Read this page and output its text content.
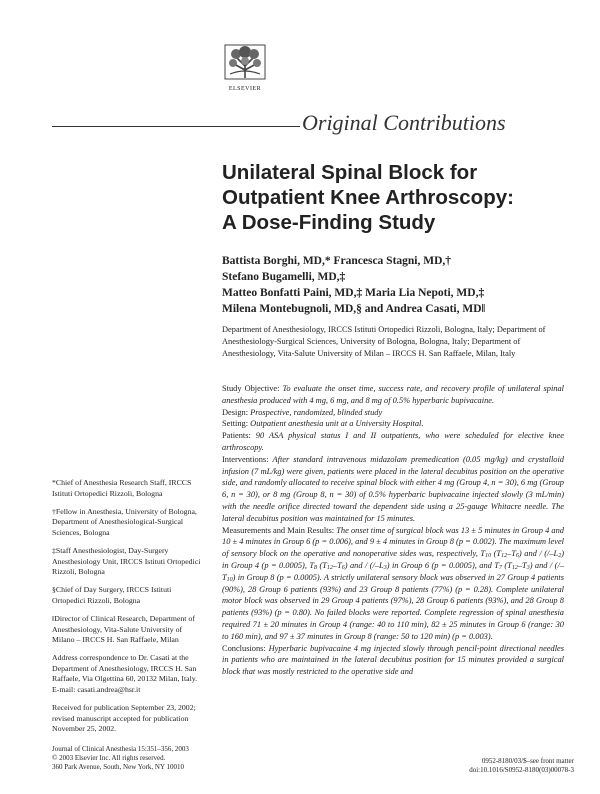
ELSEVIER
Original Contributions
Unilateral Spinal Block for
Outpatient Knee Arthroscopy:
A Dose-Finding Study
Battista Borghi, MD,* Francesca Stagni, MD,†
Stefano Bugamelli, MD,‡
Matteo Bonfatti Paini, MD,‡ Maria Lia Nepoti, MD,‡
Milena Montebugnoli, MD,§ and Andrea Casati, MD‖
Department of Anesthesiology, IRCCS Istituti Ortopedici Rizzoli, Bologna, Italy; Department of Anesthesiology-Surgical Sciences, University of Bologna, Bologna, Italy; Department of Anesthesiology, Vita-Salute University of Milan – IRCCS H. San Raffaele, Milan, Italy

Study Objective: To evaluate the onset time, success rate, and recovery profile of unilateral spinal anesthesia produced with 4 mg, 6 mg, and 8 mg of 0.5% hyperbaric bupivacaine.

Design: Prospective, randomized, blinded study

Setting: Outpatient anesthesia unit at a University Hospital.

Patients: 90 ASA physical status I and II outpatients, who were scheduled for elective knee arthroscopy.

Interventions: After standard intravenous midazolam premedication (0.05 mg/kg) and crystalloid infusion (7 mL/kg) were given, patients were placed in the lateral decubitus position on the operative side, and randomly allocated to receive spinal block with either 4 mg (Group 4, n = 30), 6 mg (Group 6, n = 30), or 8 mg (Group 8, n = 30) of 0.5% hyperbaric bupivacaine injected slowly (3 mL/min) with the needle orifice directed toward the dependent side using a 25-gauge Whitacre needle. The lateral decubitus position was maintained for 15 minutes.

Measurements and Main Results: The onset time of surgical block was 13 ± 5 minutes in Group 4 and 10 ± 4 minutes in Group 6 (p = 0.006), and 9 ± 4 minutes in Group 8 (p = 0.002). The maximum level of sensory block on the operative and nonoperative sides was, respectively, $T_{10}$ $(T_{12}-T_6)$ and / $(/-L_2)$ in Group 4 (p = 0.0005), $T_8$ $(T_{12}-T_6)$ and / $(/-L_3)$ in Group 6 (p = 0.0005), and $T_7$ $(T_{12}-T_3)$ and / $(/-T_{10})$ in Group 8 (p = 0.0005). A strictly unilateral sensory block was observed in 27 Group 4 patients (90%), 28 Group 6 patients (93%) and 23 Group 8 patients (77%) (p = 0.28). Complete unilateral motor block was observed in 29 Group 4 patients (97%), 28 Group 6 patients (93%), and 28 Group 8 patients (93%) (p = 0.80). No failed blocks were reported. Complete regression of spinal anesthesia required 71 ± 20 minutes in Group 4 (range: 40 to 110 min), 82 ± 25 minutes in Group 6 (range: 30 to 160 min), and 97 ± 37 minutes in Group 8 (range: 50 to 120 min) (p = 0.003).

Conclusions: Hyperbaric bupivacaine 4 mg injected slowly through pencil-point directional needles in patients who are maintained in the lateral decubitus position for 15 minutes provided a surgical block that was mostly restricted to the operative side and

*Chief of Anesthesia Research Staff, IRCCS Istituti Ortopedici Rizzoli, Bologna

†Fellow in Anesthesia, University of Bologna, Department of Anesthesiological-Surgical Sciences, Bologna

‡Staff Anesthesiologist, Day-Surgery Anesthesiology Unit, IRCCS Istituti Ortopedici Rizzoli, Bologna

§Chief of Day Surgery, IRCCS Istituti Ortopedici Rizzoli, Bologna

‖Director of Clinical Research, Department of Anesthesiology, Vita-Salute University of Milano – IRCCS H. San Raffaele, Milan

Address correspondence to Dr. Casati at the Department of Anesthesiology, IRCCS H. San Raffaele, Via Olgettina 60, 20132 Milan, Italy. E-mail: casati.andrea@hsr.it

Received for publication September 23, 2002; revised manuscript accepted for publication November 25, 2002.

Journal of Clinical Anesthesia 15:351–356, 2003
© 2003 Elsevier Inc. All rights reserved.
360 Park Avenue, South, New York, NY 10010
0952-8180/03/$–see front matter
doi:10.1016/S0952-8180(03)00078-3
